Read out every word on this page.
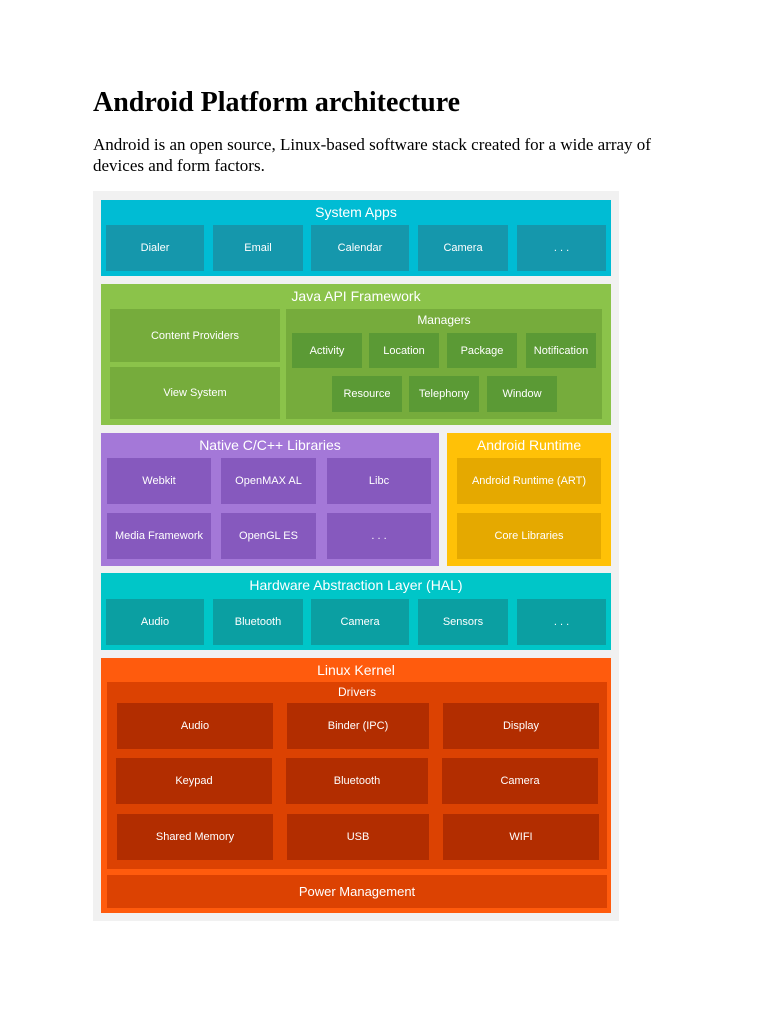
Android Platform architecture

Android is an open source, Linux-based software stack created for a wide array of devices and form factors.

System Apps
Dialer	Email	Calendar	Camera	. . .
Java API Framework
Content Providers
View System
Managers
Activity	Location	Package	Notification
Resource	Telephony	Window
Native C/C++ Libraries
Webkit	OpenMAX AL	Libc
Media Framework	OpenGL ES	. . .
Android Runtime
Android Runtime (ART)
Core Libraries
Hardware Abstraction Layer (HAL)
Audio	Bluetooth	Camera	Sensors	. . .
Linux Kernel
Drivers
Audio	Binder (IPC)	Display
Keypad	Bluetooth	Camera
Shared Memory	USB	WIFI
Power Management
